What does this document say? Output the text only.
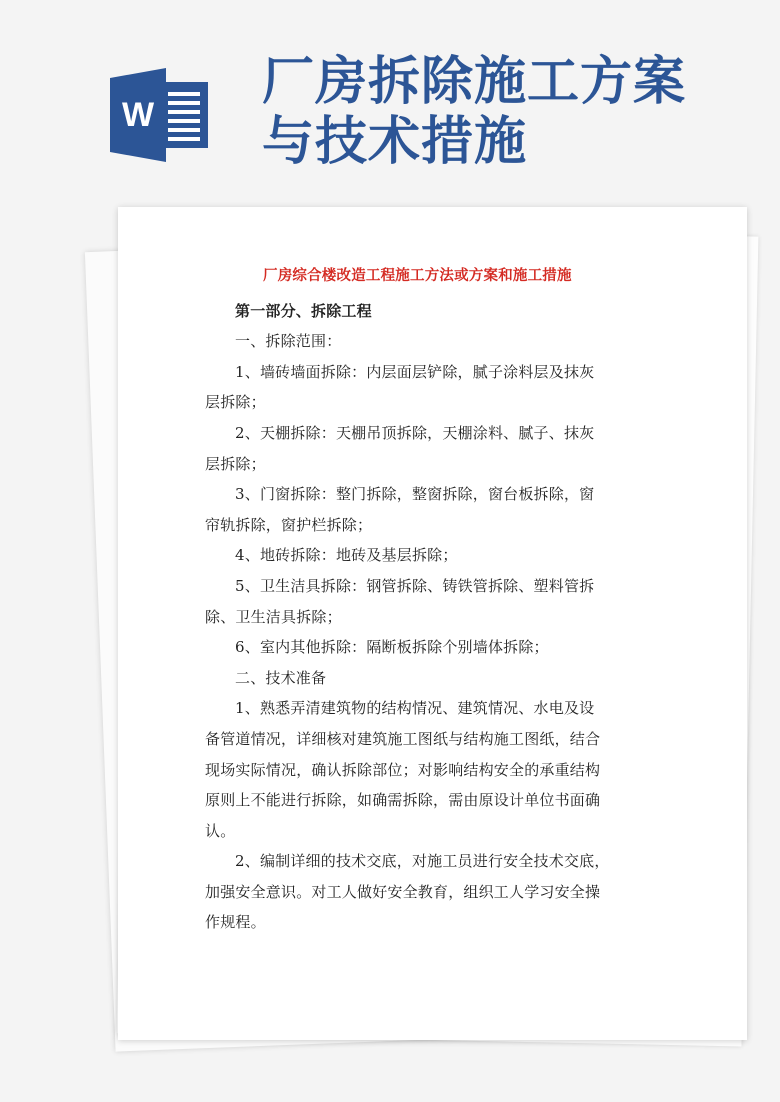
W
厂房拆除施工方案
与技术措施
厂房综合楼改造工程施工方法或方案和施工措施
第一部分、拆除工程
一、拆除范围：
1、墙砖墙面拆除：内层面层铲除，腻子涂料层及抹灰
层拆除；
2、天棚拆除：天棚吊顶拆除，天棚涂料、腻子、抹灰
层拆除；
3、门窗拆除：整门拆除，整窗拆除，窗台板拆除，窗
帘轨拆除，窗护栏拆除；
4、地砖拆除：地砖及基层拆除；
5、卫生洁具拆除：钢管拆除、铸铁管拆除、塑料管拆
除、卫生洁具拆除；
6、室内其他拆除：隔断板拆除个别墙体拆除；
二、技术准备
1、熟悉弄清建筑物的结构情况、建筑情况、水电及设
备管道情况，详细核对建筑施工图纸与结构施工图纸，结合
现场实际情况，确认拆除部位；对影响结构安全的承重结构
原则上不能进行拆除，如确需拆除，需由原设计单位书面确
认。
2、编制详细的技术交底，对施工员进行安全技术交底，
加强安全意识。对工人做好安全教育，组织工人学习安全操
作规程。
